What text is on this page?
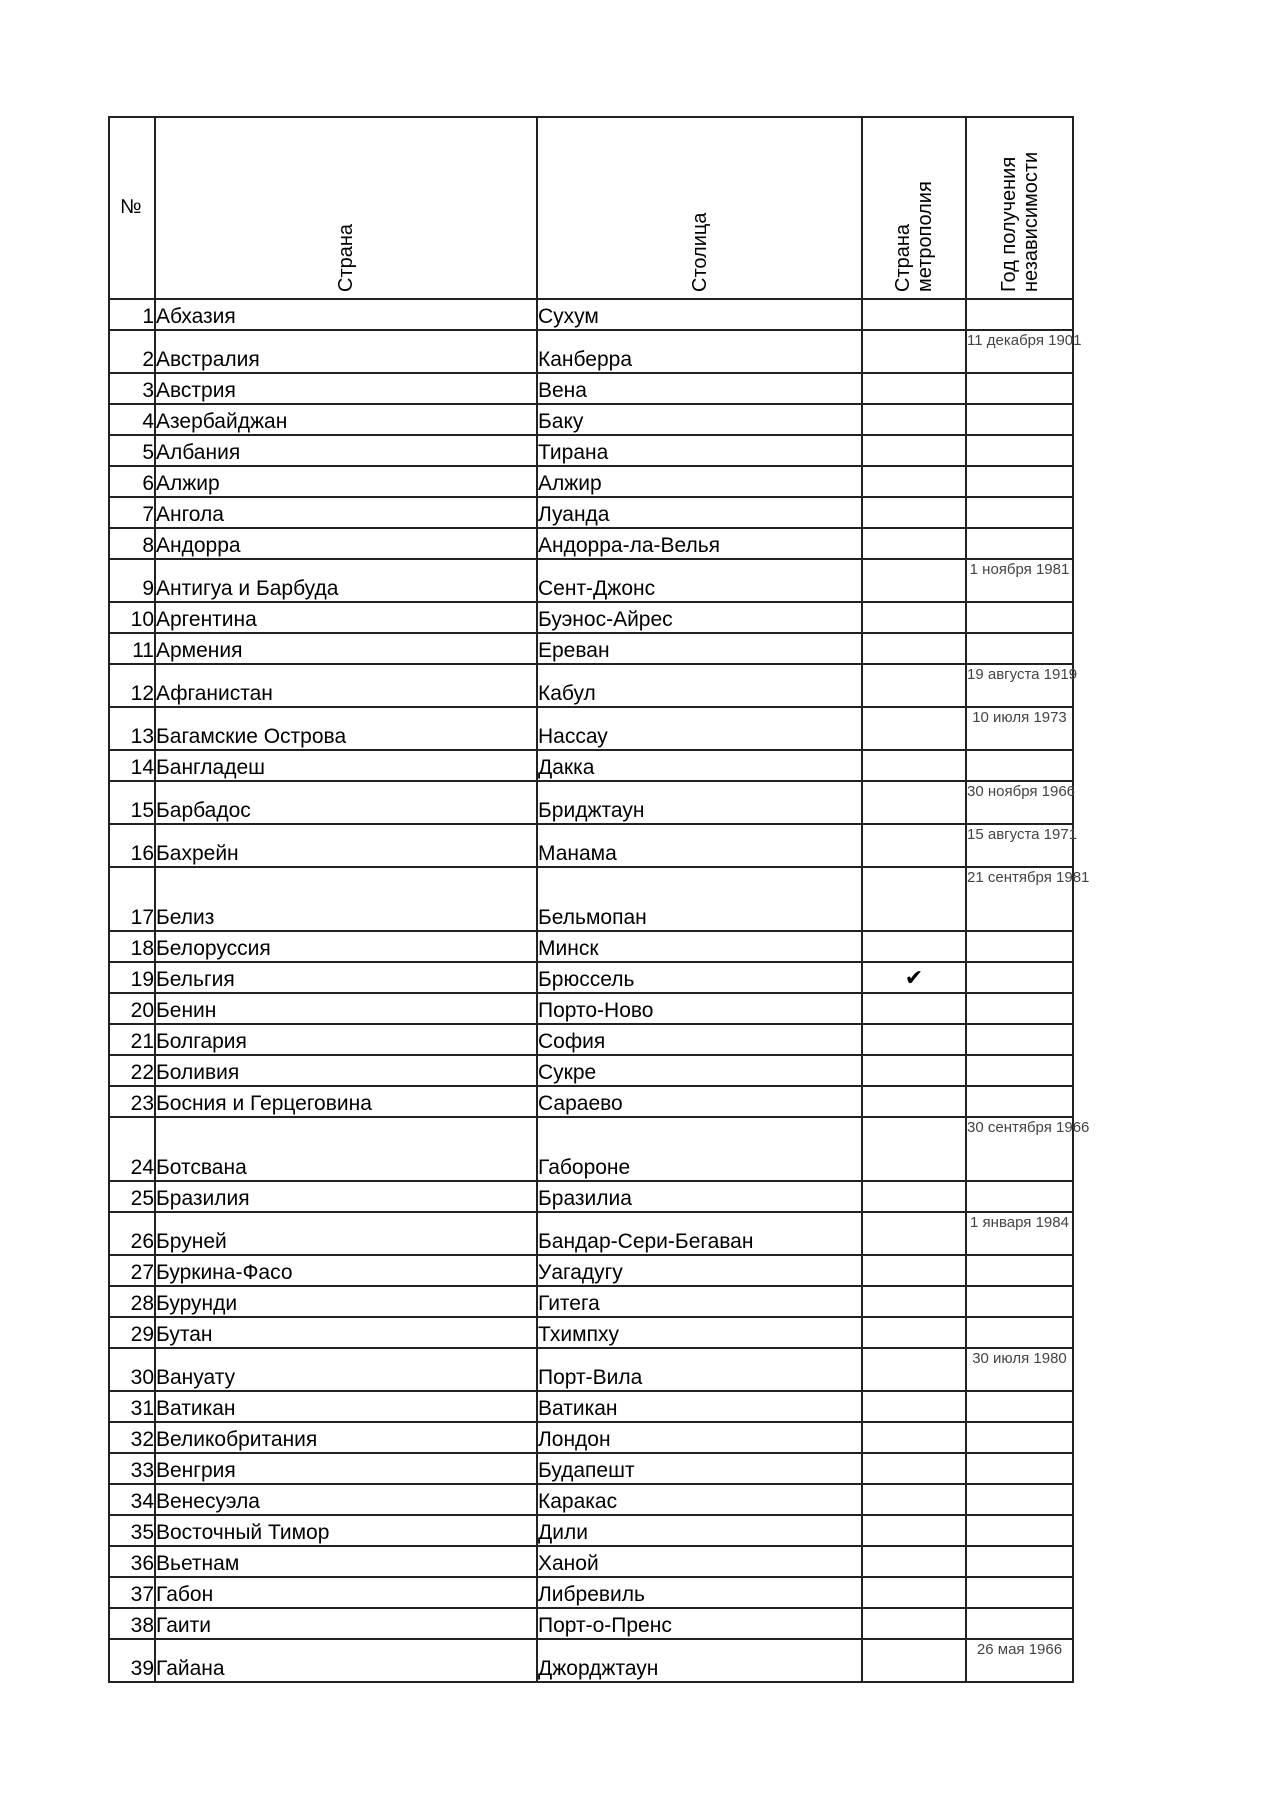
№	Страна	Столица	Страна метрополия	Год получения независимости

1	Абхазия	Сухум		
2	Австралия	Канберра		11 декабря 1901
3	Австрия	Вена		
4	Азербайджан	Баку		
5	Албания	Тирана		
6	Алжир	Алжир		
7	Ангола	Луанда		
8	Андорра	Андорра-ла-Велья		
9	Антигуа и Барбуда	Сент-Джонс		1 ноября 1981
10	Аргентина	Буэнос-Айрес		
11	Армения	Ереван		
12	Афганистан	Кабул		19 августа 1919
13	Багамские Острова	Нассау		10 июля 1973
14	Бангладеш	Дакка		
15	Барбадос	Бриджтаун		30 ноября 1966
16	Бахрейн	Манама		15 августа 1971
17	Белиз	Бельмопан		21 сентября 1981
18	Белоруссия	Минск		
19	Бельгия	Брюссель	✔	
20	Бенин	Порто-Ново		
21	Болгария	София		
22	Боливия	Сукре		
23	Босния и Герцеговина	Сараево		
24	Ботсвана	Габороне		30 сентября 1966
25	Бразилия	Бразилиа		
26	Бруней	Бандар-Сери-Бегаван		1 января 1984
27	Буркина-Фасо	Уагадугу		
28	Бурунди	Гитега		
29	Бутан	Тхимпху		
30	Вануату	Порт-Вила		30 июля 1980
31	Ватикан	Ватикан		
32	Великобритания	Лондон		
33	Венгрия	Будапешт		
34	Венесуэла	Каракас		
35	Восточный Тимор	Дили		
36	Вьетнам	Ханой		
37	Габон	Либревиль		
38	Гаити	Порт-о-Пренс		
39	Гайана	Джорджтаун		26 мая 1966
